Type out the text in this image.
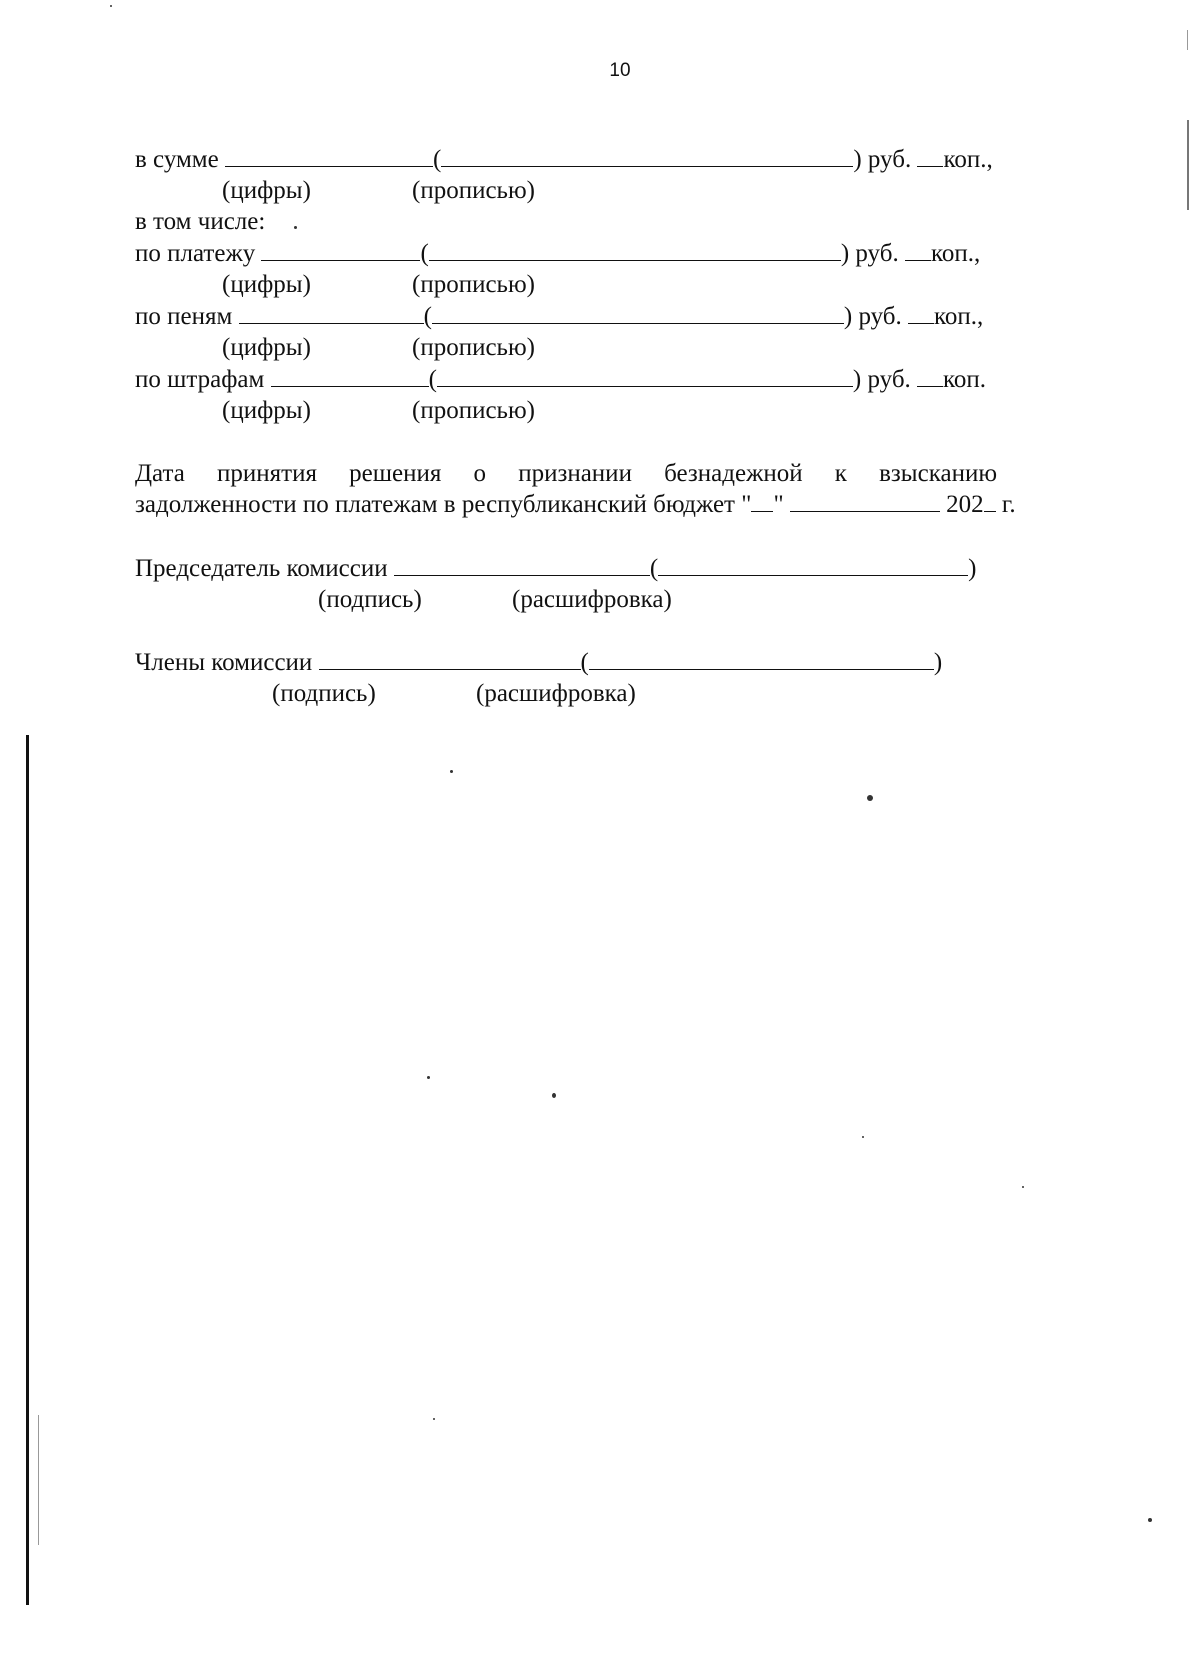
10
в сумме	(	) руб. коп.,
(цифры)	(прописью)
в том числе:
по платежу	(	) руб. коп.,
(цифры)	(прописью)
по пеням	(	) руб. коп.,
(цифры)	(прописью)
по штрафам	(	) руб. коп.
(цифры)	(прописью)
Дата принятия решения о признании безнадежной к взысканию
задолженности по платежам в республиканский бюджет " "	202 г.
Председатель комиссии	(	)
(подпись)	(расшифровка)
Члены комиссии	(	)
(подпись)	(расшифровка)
